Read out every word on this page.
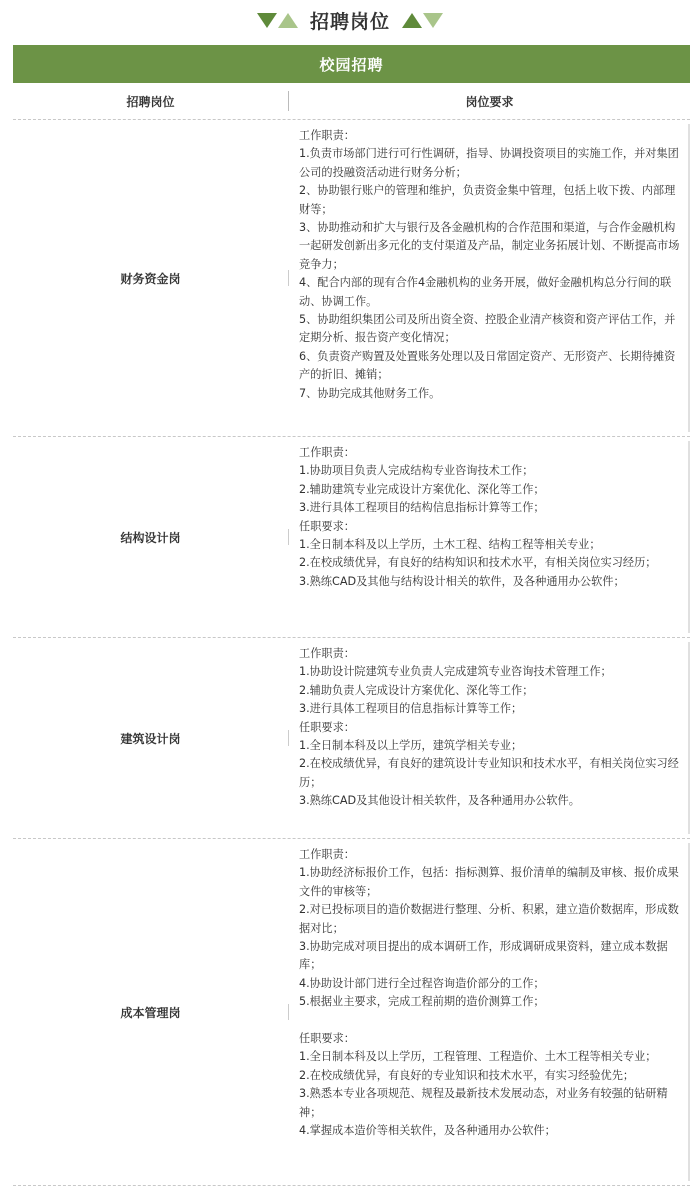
招聘岗位
校园招聘
招聘岗位	岗位要求
财务资金岗
工作职责：
1.负责市场部门进行可行性调研，指导、协调投资项目的实施工作，并对集团公司的投融资活动进行财务分析；
2、协助银行账户的管理和维护，负责资金集中管理，包括上收下拨、内部理财等；
3、协助推动和扩大与银行及各金融机构的合作范围和渠道，与合作金融机构一起研发创新出多元化的支付渠道及产品，制定业务拓展计划、不断提高市场竞争力；
4、配合内部的现有合作4金融机构的业务开展，做好金融机构总分行间的联动、协调工作。
5、协助组织集团公司及所出资全资、控股企业清产核资和资产评估工作，并定期分析、报告资产变化情况；
6、负责资产购置及处置账务处理以及日常固定资产、无形资产、长期待摊资产的折旧、摊销；
7、协助完成其他财务工作。
结构设计岗
工作职责：
1.协助项目负责人完成结构专业咨询技术工作；
2.辅助建筑专业完成设计方案优化、深化等工作；
3.进行具体工程项目的结构信息指标计算等工作；
任职要求：
1.全日制本科及以上学历，土木工程、结构工程等相关专业；
2.在校成绩优异，有良好的结构知识和技术水平，有相关岗位实习经历；
3.熟练CAD及其他与结构设计相关的软件，及各种通用办公软件；
建筑设计岗
工作职责：
1.协助设计院建筑专业负责人完成建筑专业咨询技术管理工作；
2.辅助负责人完成设计方案优化、深化等工作；
3.进行具体工程项目的信息指标计算等工作；
任职要求：
1.全日制本科及以上学历，建筑学相关专业；
2.在校成绩优异，有良好的建筑设计专业知识和技术水平，有相关岗位实习经历；
3.熟练CAD及其他设计相关软件，及各种通用办公软件。
成本管理岗
工作职责：
1.协助经济标报价工作，包括：指标测算、报价清单的编制及审核、报价成果文件的审核等；
2.对已投标项目的造价数据进行整理、分析、积累，建立造价数据库，形成数据对比；
3.协助完成对项目提出的成本调研工作，形成调研成果资料，建立成本数据库；
4.协助设计部门进行全过程咨询造价部分的工作；
5.根据业主要求，完成工程前期的造价测算工作；

任职要求：
1.全日制本科及以上学历，工程管理、工程造价、土木工程等相关专业；
2.在校成绩优异，有良好的专业知识和技术水平，有实习经验优先；
3.熟悉本专业各项规范、规程及最新技术发展动态，对业务有较强的钻研精神；
4.掌握成本造价等相关软件，及各种通用办公软件；
